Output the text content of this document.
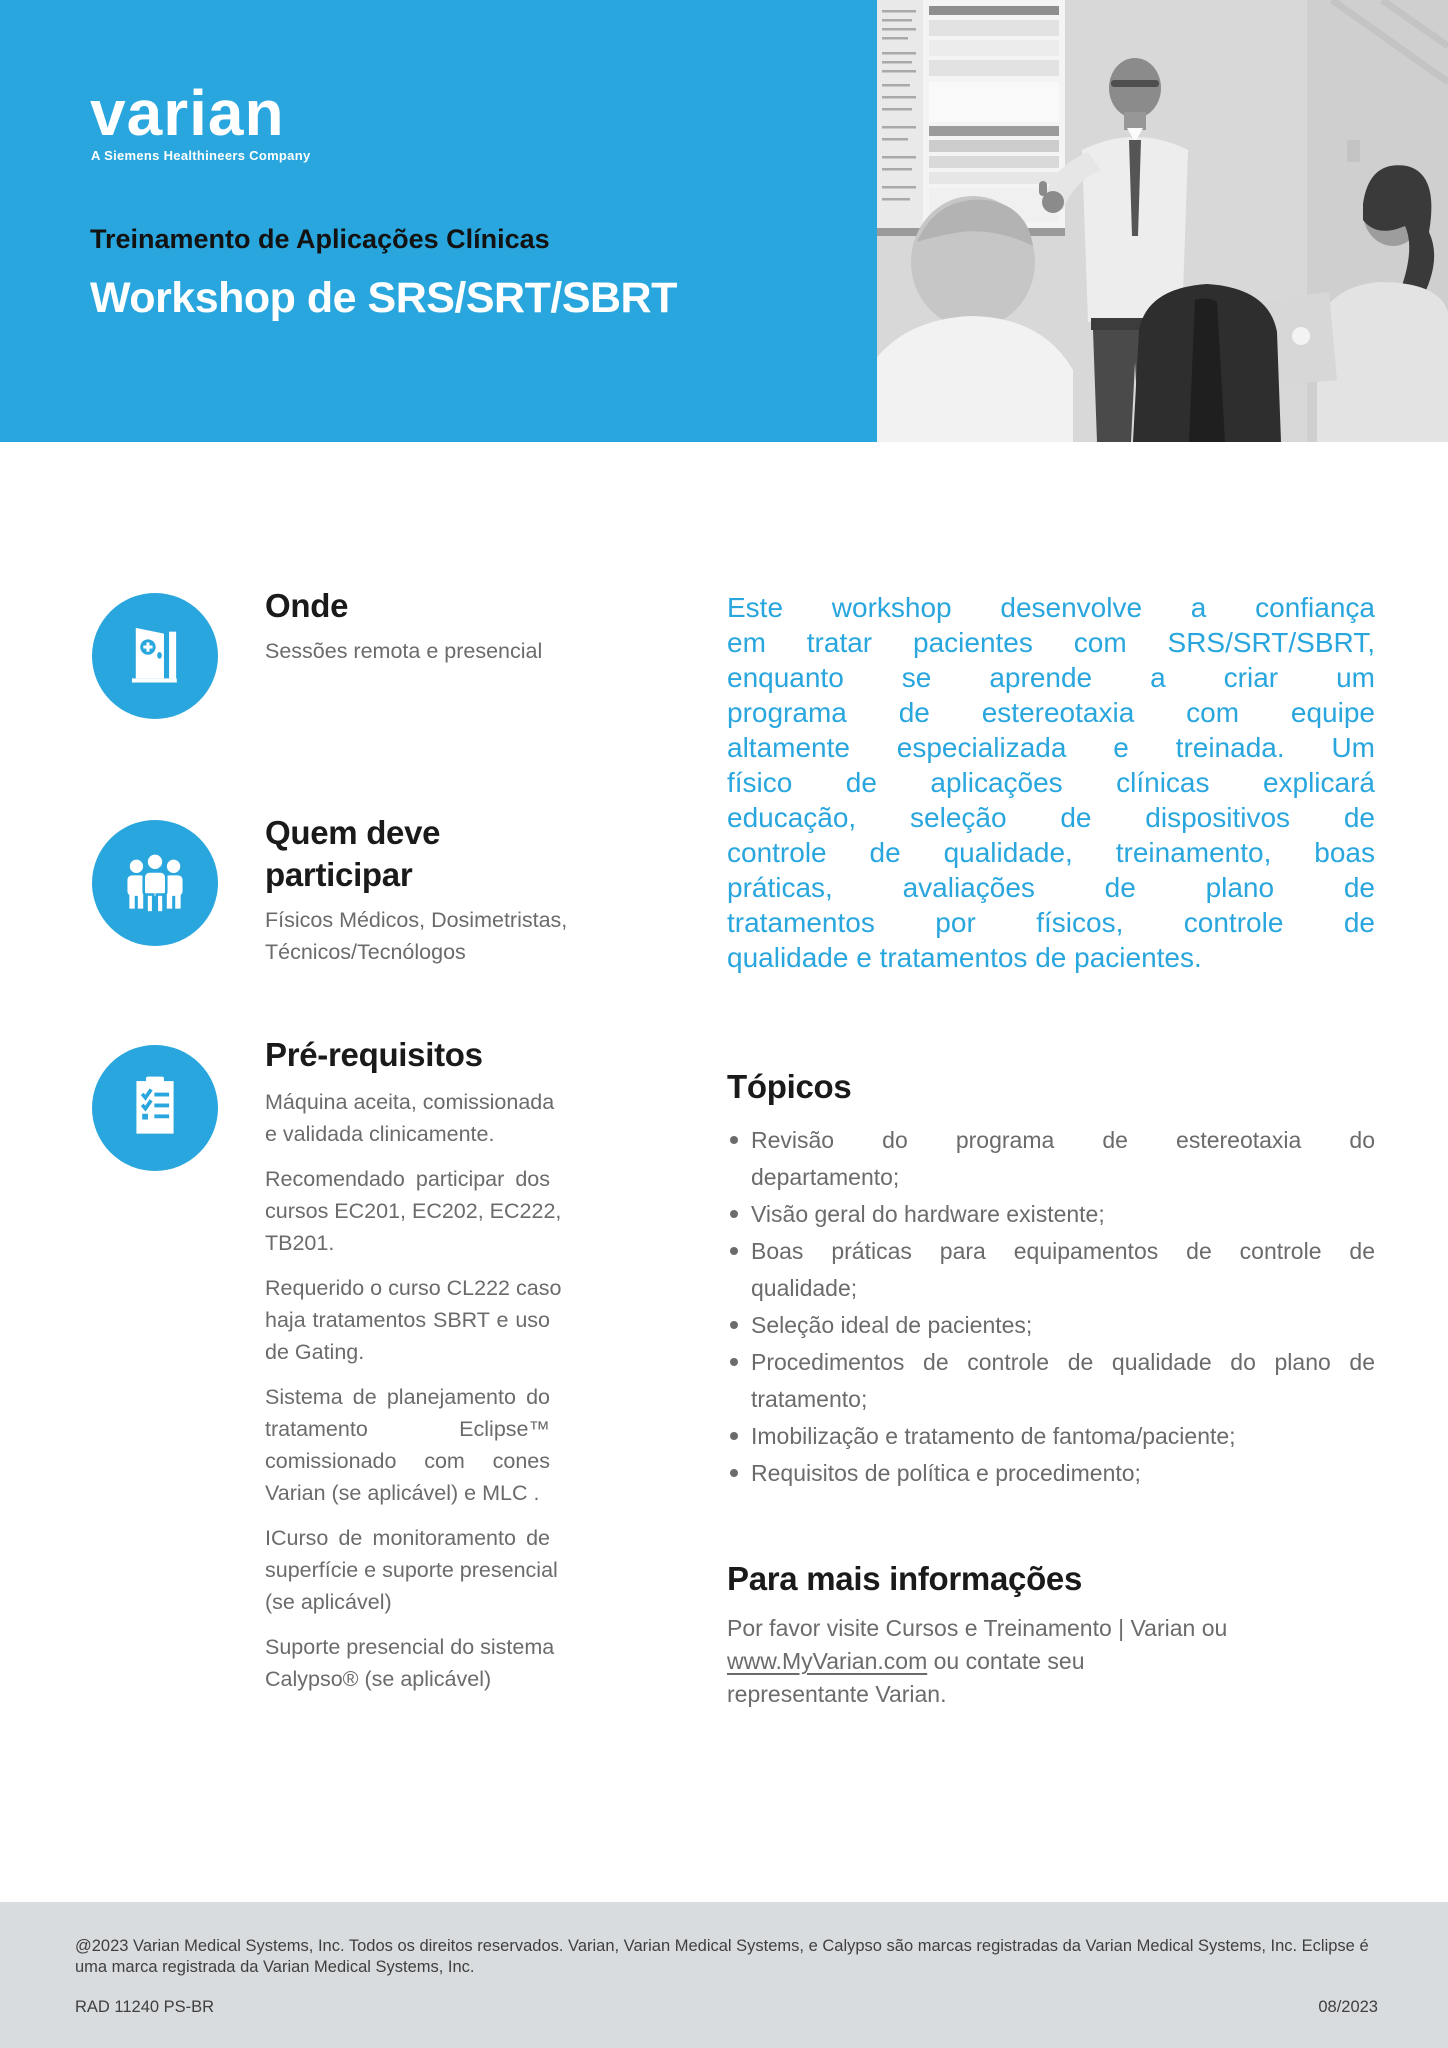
varian
A Siemens Healthineers Company
Treinamento de Aplicações Clínicas
Workshop de SRS/SRT/SBRT
Onde
Sessões remota e presencial
Quem deve participar
Físicos Médicos, Dosimetristas,
Técnicos/Tecnólogos
Pré-requisitos
Máquina aceita, comissionada
e validada clinicamente.
Recomendado participar dos
cursos EC201, EC202, EC222,
TB201.
Requerido o curso CL222 caso
haja tratamentos SBRT e uso
de Gating.
Sistema de planejamento do
tratamento Eclipse™
comissionado com cones
Varian (se aplicável) e MLC .
ICurso de monitoramento de
superfície e suporte presencial
(se aplicável)
Suporte presencial do sistema
Calypso® (se aplicável)
Este workshop desenvolve a confiança
em tratar pacientes com SRS/SRT/SBRT,
enquanto se aprende a criar um
programa de estereotaxia com equipe
altamente especializada e treinada. Um
físico de aplicações clínicas explicará
educação, seleção de dispositivos de
controle de qualidade, treinamento, boas
práticas, avaliações de plano de
tratamentos por físicos, controle de
qualidade e tratamentos de pacientes.
Tópicos
Revisão do programa de estereotaxia do
departamento;
Visão geral do hardware existente;
Boas práticas para equipamentos de controle de
qualidade;
Seleção ideal de pacientes;
Procedimentos de controle de qualidade do plano de
tratamento;
Imobilização e tratamento de fantoma/paciente;
Requisitos de política e procedimento;
Para mais informações
Por favor visite Cursos e Treinamento | Varian ou
www.MyVarian.com ou contate seu
representante Varian.
@2023 Varian Medical Systems, Inc. Todos os direitos reservados. Varian, Varian Medical Systems, e Calypso são marcas registradas da Varian Medical Systems, Inc. Eclipse é uma marca registrada da Varian Medical Systems, Inc.
RAD 11240 PS-BR	08/2023
